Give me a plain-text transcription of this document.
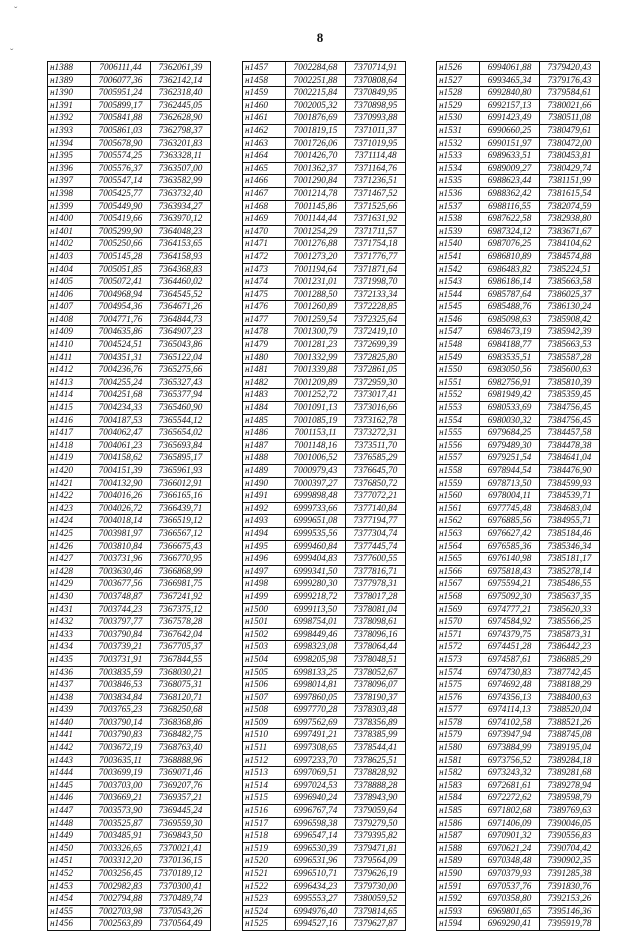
ˇ
ˇ
8
н1388	7006111,44	7362061,39
н1389	7006077,36	7362142,14
н1390	7005951,24	7362318,40
н1391	7005899,17	7362445,05
н1392	7005841,88	7362628,90
н1393	7005861,03	7362798,37
н1394	7005678,90	7363201,83
н1395	7005574,25	7363328,11
н1396	7005576,37	7363507,00
н1397	7005547,14	7363582,99
н1398	7005425,77	7363732,40
н1399	7005449,90	7363934,27
н1400	7005419,66	7363970,12
н1401	7005299,90	7364048,23
н1402	7005250,66	7364153,65
н1403	7005145,28	7364158,93
н1404	7005051,85	7364368,83
н1405	7005072,41	7364460,02
н1406	7004968,94	7364545,52
н1407	7004954,36	7364671,26
н1408	7004771,76	7364844,73
н1409	7004635,86	7364907,23
н1410	7004524,51	7365043,86
н1411	7004351,31	7365122,04
н1412	7004236,76	7365275,66
н1413	7004255,24	7365327,43
н1414	7004251,68	7365377,94
н1415	7004234,33	7365460,90
н1416	7004187,53	7365544,12
н1417	7004062,47	7365654,02
н1418	7004061,23	7365693,84
н1419	7004158,62	7365895,17
н1420	7004151,39	7365961,93
н1421	7004132,90	7366012,91
н1422	7004016,26	7366165,16
н1423	7004026,72	7366439,71
н1424	7004018,14	7366519,12
н1425	7003981,97	7366567,12
н1426	7003810,84	7366675,43
н1427	7003731,96	7366770,95
н1428	7003630,46	7366868,99
н1429	7003677,56	7366981,75
н1430	7003748,87	7367241,92
н1431	7003744,23	7367375,12
н1432	7003797,77	7367578,28
н1433	7003790,84	7367642,04
н1434	7003739,21	7367705,37
н1435	7003731,91	7367844,55
н1436	7003835,59	7368030,21
н1437	7003846,53	7368075,31
н1438	7003834,84	7368120,71
н1439	7003765,23	7368250,68
н1440	7003790,14	7368368,86
н1441	7003790,83	7368482,75
н1442	7003672,19	7368763,40
н1443	7003635,11	7368888,96
н1444	7003699,19	7369071,46
н1445	7003703,00	7369207,76
н1446	7003669,21	7369357,21
н1447	7003573,90	7369445,24
н1448	7003525,87	7369559,30
н1449	7003485,91	7369843,50
н1450	7003326,65	7370021,41
н1451	7003312,20	7370136,15
н1452	7003256,45	7370189,12
н1453	7002982,83	7370300,41
н1454	7002794,88	7370489,74
н1455	7002703,98	7370543,26
н1456	7002563,89	7370564,49
н1457	7002284,68	7370714,91
н1458	7002251,88	7370808,64
н1459	7002215,84	7370849,95
н1460	7002005,32	7370898,95
н1461	7001876,69	7370993,88
н1462	7001819,15	7371011,37
н1463	7001726,06	7371019,95
н1464	7001426,70	7371114,48
н1465	7001362,37	7371164,76
н1466	7001290,84	7371236,51
н1467	7001214,78	7371467,52
н1468	7001145,86	7371525,66
н1469	7001144,44	7371631,92
н1470	7001254,29	7371711,57
н1471	7001276,88	7371754,18
н1472	7001273,20	7371776,77
н1473	7001194,64	7371871,64
н1474	7001231,01	7371998,70
н1475	7001288,50	7372133,34
н1476	7001260,89	7372228,85
н1477	7001259,54	7372325,64
н1478	7001300,79	7372419,10
н1479	7001281,23	7372699,39
н1480	7001332,99	7372825,80
н1481	7001339,88	7372861,05
н1482	7001209,89	7372959,30
н1483	7001252,72	7373017,41
н1484	7001091,13	7373016,66
н1485	7001085,19	7373162,78
н1486	7001153,11	7373272,31
н1487	7001148,16	7373511,70
н1488	7001006,52	7376585,29
н1489	7000979,43	7376645,70
н1490	7000397,27	7376850,72
н1491	6999898,48	7377072,21
н1492	6999733,66	7377140,84
н1493	6999651,08	7377194,77
н1494	6999535,56	7377304,74
н1495	6999460,84	7377445,74
н1496	6999404,83	7377600,55
н1497	6999341,50	7377816,71
н1498	6999280,30	7377978,31
н1499	6999218,72	7378017,28
н1500	6999113,50	7378081,04
н1501	6998754,01	7378098,61
н1502	6998449,46	7378096,16
н1503	6998323,08	7378064,44
н1504	6998205,98	7378048,51
н1505	6998133,25	7378052,67
н1506	6998014,81	7378096,07
н1507	6997860,05	7378190,37
н1508	6997770,28	7378303,48
н1509	6997562,69	7378356,89
н1510	6997491,21	7378385,99
н1511	6997308,65	7378544,41
н1512	6997233,70	7378625,51
н1513	6997069,51	7378828,92
н1514	6997024,53	7378888,28
н1515	6996940,24	7378943,90
н1516	6996767,74	7379059,64
н1517	6996598,38	7379279,50
н1518	6996547,14	7379395,82
н1519	6996530,39	7379471,81
н1520	6996531,96	7379564,09
н1521	6996510,71	7379626,19
н1522	6996434,23	7379730,00
н1523	6995553,27	7380059,52
н1524	6994976,40	7379814,65
н1525	6994527,16	7379627,87
н1526	6994061,88	7379420,43
н1527	6993465,34	7379176,43
н1528	6992840,80	7379584,61
н1529	6992157,13	7380021,66
н1530	6991423,49	7380511,08
н1531	6990660,25	7380479,61
н1532	6990151,97	7380472,00
н1533	6989633,51	7380453,81
н1534	6989009,27	7380429,74
н1535	6988623,44	7381151,99
н1536	6988362,42	7381615,54
н1537	6988116,55	7382074,59
н1538	6987622,58	7382938,80
н1539	6987324,12	7383671,67
н1540	6987076,25	7384104,62
н1541	6986810,89	7384574,88
н1542	6986483,82	7385224,51
н1543	6986186,14	7385663,58
н1544	6985787,64	7386025,37
н1545	6985488,76	7386130,24
н1546	6985098,63	7385908,42
н1547	6984673,19	7385942,39
н1548	6984188,77	7385663,53
н1549	6983535,51	7385587,28
н1550	6983050,56	7385600,63
н1551	6982756,91	7385810,39
н1552	6981949,42	7385359,45
н1553	6980533,69	7384756,45
н1554	6980030,32	7384756,45
н1555	6979684,25	7384457,58
н1556	6979489,30	7384478,38
н1557	6979251,54	7384641,04
н1558	6978944,54	7384476,90
н1559	6978713,50	7384599,93
н1560	6978004,11	7384539,71
н1561	6977745,48	7384683,04
н1562	6976885,56	7384955,71
н1563	6976627,42	7385184,46
н1564	6976585,36	7385346,34
н1565	6976140,98	7385181,17
н1566	6975818,43	7385278,14
н1567	6975594,21	7385486,55
н1568	6975092,30	7385637,35
н1569	6974777,21	7385620,33
н1570	6974584,92	7385566,25
н1571	6974379,75	7385873,31
н1572	6974451,28	7386442,23
н1573	6974587,61	7386885,29
н1574	6974730,83	7387742,45
н1575	6974692,48	7388188,29
н1576	6974356,13	7388400,63
н1577	6974114,13	7388520,04
н1578	6974102,58	7388521,26
н1579	6973947,94	7388745,08
н1580	6973884,99	7389195,04
н1581	6973756,52	7389284,18
н1582	6973243,32	7389281,68
н1583	6972681,61	7389278,94
н1584	6972272,62	7389598,79
н1585	6971802,68	7389769,63
н1586	6971406,09	7390046,05
н1587	6970901,32	7390556,83
н1588	6970621,24	7390704,42
н1589	6970348,48	7390902,35
н1590	6970379,93	7391285,38
н1591	6970537,76	7391830,76
н1592	6970358,80	7392153,26
н1593	6969801,65	7395146,36
н1594	6969290,41	7395919,78
